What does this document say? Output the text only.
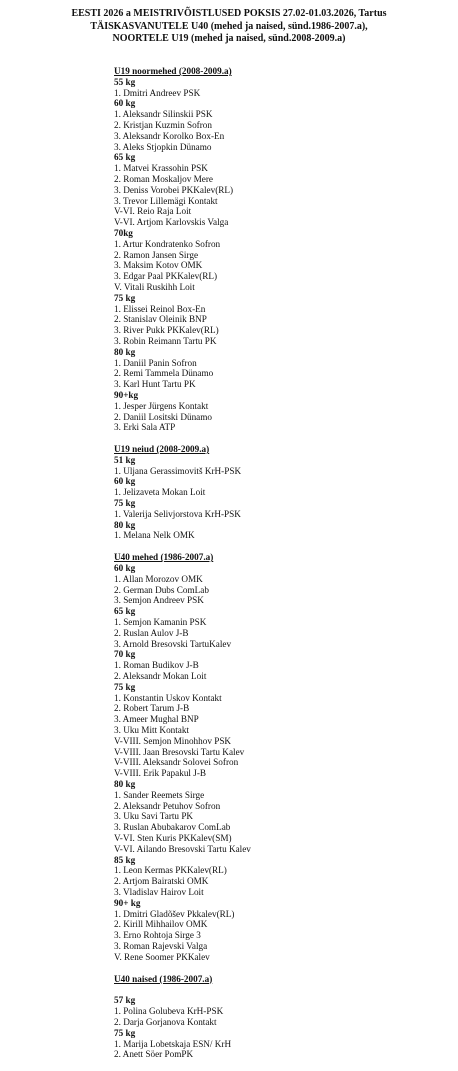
EESTI 2026 a MEISTRIVÕISTLUSED POKSIS 27.02-01.03.2026, Tartus
TÄISKASVANUTELE U40 (mehed ja naised, sünd.1986-2007.a),
NOORTELE U19 (mehed ja naised, sünd.2008-2009.a)
U19 noormehed (2008-2009.a)
55 kg
1. Dmitri Andreev PSK
60 kg
1. Aleksandr Silinskii PSK
2. Kristjan Kuzmin Sofron
3. Aleksandr Korolko Box-En
3. Aleks Stjopkin Dünamo
65 kg
1. Matvei Krassohin PSK
2. Roman Moskaljov Mere
3. Deniss Vorobei PKKalev(RL)
3. Trevor Lillemägi Kontakt
V-VI. Reio Raja Loit
V-VI. Artjom Karlovskis Valga
70kg
1. Artur Kondratenko Sofron
2. Ramon Jansen Sirge
3. Maksim Kotov OMK
3. Edgar Paal PKKalev(RL)
V. Vitali Ruskihh Loit
75 kg
1. Elissei Reinol Box-En
2. Stanislav Oleinik BNP
3. River Pukk PKKalev(RL)
3. Robin Reimann Tartu PK
80 kg
1. Daniil Panin Sofron
2. Remi Tammela Dünamo
3. Karl Hunt Tartu PK
90+kg
1. Jesper Jürgens Kontakt
2. Daniil Lositski Dünamo
3. Erki Sala ATP
U19 neiud (2008-2009.a)
51 kg
1. Uljana Gerassimovitš KrH-PSK
60 kg
1. Jelizaveta Mokan Loit
75 kg
1. Valerija Selivjorstova KrH-PSK
80 kg
1. Melana Nelk OMK
U40 mehed (1986-2007.a)
60 kg
1. Allan Morozov OMK
2. German Dubs ComLab
3. Semjon Andreev PSK
65 kg
1. Semjon Kamanin PSK
2. Ruslan Aulov J-B
3. Arnold Bresovski TartuKalev
70 kg
1. Roman Budikov J-B
2. Aleksandr Mokan Loit
75 kg
1. Konstantin Uskov Kontakt
2. Robert Tarum J-B
3. Ameer Mughal BNP
3. Uku Mitt Kontakt
V-VIII. Semjon Minohhov PSK
V-VIII. Jaan Bresovski Tartu Kalev
V-VIII. Aleksandr Solovei Sofron
V-VIII. Erik Papakul J-B
80 kg
1. Sander Reemets Sirge
2. Aleksandr Petuhov Sofron
3. Uku Savi Tartu PK
3. Ruslan Abubakarov ComLab
V-VI. Sten Kuris PKKalev(SM)
V-VI. Ailando Bresovski Tartu Kalev
85 kg
1. Leon Kermas PKKalev(RL)
2. Artjom Bairatski OMK
3. Vladislav Hairov Loit
90+ kg
1. Dmitri Gladõšev Pkkalev(RL)
2. Kirill Mihhailov OMK
3. Erno Rohtoja Sirge 3
3. Roman Rajevski Valga
V. Rene Soomer PKKalev
U40 naised (1986-2007.a)
57 kg
1. Polina Golubeva KrH-PSK
2. Darja Gorjanova Kontakt
75 kg
1. Marija Lobetskaja ESN/ KrH
2. Anett Söer PomPK
